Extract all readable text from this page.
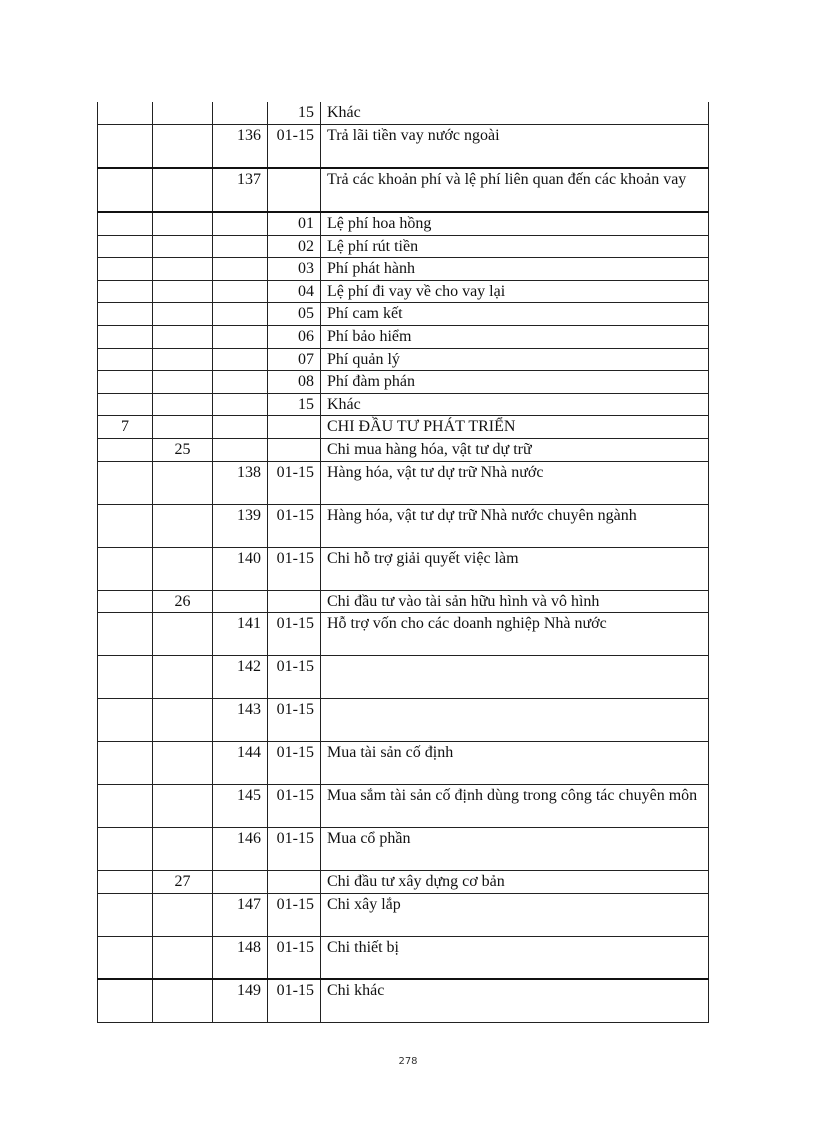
			15	Khác
		136	01-15	Trả lãi tiền vay nước ngoài
		137		Trả các khoản phí và lệ phí liên quan đến các khoản vay
			01	Lệ phí hoa hồng
			02	Lệ phí rút tiền
			03	Phí phát hành
			04	Lệ phí đi vay về cho vay lại
			05	Phí cam kết
			06	Phí bảo hiểm
			07	Phí quản lý
			08	Phí đàm phán
			15	Khác
7				CHI ĐẦU TƯ PHÁT TRIỂN
	25			Chi mua hàng hóa, vật tư dự trữ
		138	01-15	Hàng hóa, vật tư dự trữ Nhà nước
		139	01-15	Hàng hóa, vật tư dự trữ Nhà nước chuyên ngành
		140	01-15	Chi hỗ trợ giải quyết việc làm
	26			Chi đầu tư vào tài sản hữu hình và vô hình
		141	01-15	Hỗ trợ vốn cho các doanh nghiệp Nhà nước
		142	01-15	
		143	01-15	
		144	01-15	Mua tài sản cố định
		145	01-15	Mua sắm tài sản cố định dùng trong công tác chuyên môn
		146	01-15	Mua cổ phần
	27			Chi đầu tư xây dựng cơ bản
		147	01-15	Chi xây lắp
		148	01-15	Chi thiết bị
		149	01-15	Chi khác
278
